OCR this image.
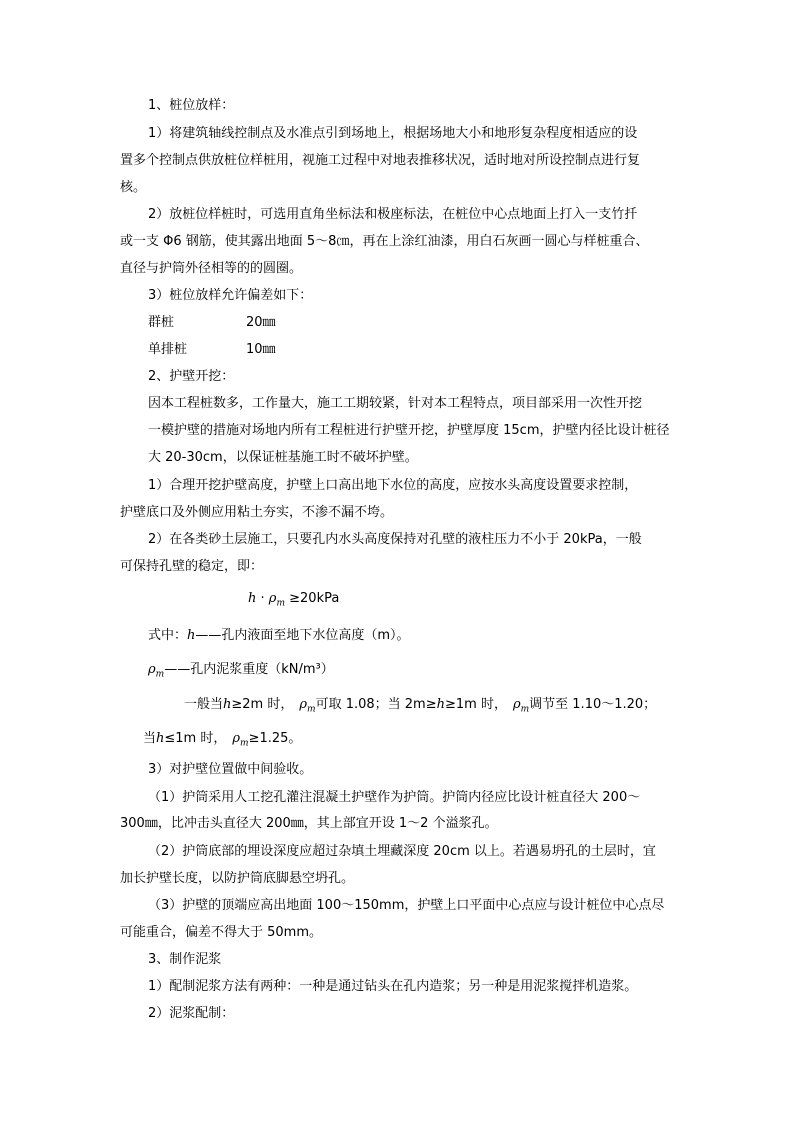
1、桩位放样：
1）将建筑轴线控制点及水准点引到场地上，根据场地大小和地形复杂程度相适应的设
置多个控制点供放桩位样桩用，视施工过程中对地表推移状况，适时地对所设控制点进行复
核。
2）放桩位样桩时，可选用直角坐标法和极座标法，在桩位中心点地面上打入一支竹扦
或一支 Φ6 钢筋，使其露出地面 5～8㎝，再在上涂红油漆，用白石灰画一圆心与样桩重合、
直径与护筒外径相等的的圆圈。
3）桩位放样允许偏差如下：
群桩	20㎜
单排桩	10㎜
2、护壁开挖：
因本工程桩数多，工作量大，施工工期较紧，针对本工程特点，项目部采用一次性开挖
一模护壁的措施对场地内所有工程桩进行护壁开挖，护壁厚度 15cm，护壁内径比设计桩径
大 20-30cm，以保证桩基施工时不破坏护壁。
1）合理开挖护壁高度，护壁上口高出地下水位的高度，应按水头高度设置要求控制，
护壁底口及外侧应用粘土夯实，不渗不漏不垮。
2）在各类砂土层施工，只要孔内水头高度保持对孔壁的液柱压力不小于 20kPa，一般
可保持孔壁的稳定，即：
$h \cdot \rho_m \ge 20kPa$
式中：h——孔内液面至地下水位高度（m）。
$\rho_m——$孔内泥浆重度（kN/m³）
一般当h≥2m 时， $\rho_m$可取 1.08；当 2m≥h≥1m 时， $\rho_m$调节至 1.10～1.20；
当h≤1m 时， $\rho_m\ge 1.25$。
3）对护壁位置做中间验收。
（1）护筒采用人工挖孔灌注混凝土护壁作为护筒。护筒内径应比设计桩直径大 200～
300㎜，比冲击头直径大 200㎜，其上部宜开设 1～2 个溢浆孔。
（2）护筒底部的埋设深度应超过杂填土埋藏深度 20cm 以上。若遇易坍孔的土层时，宜
加长护壁长度，以防护筒底脚悬空坍孔。
（3）护壁的顶端应高出地面 100～150mm，护壁上口平面中心点应与设计桩位中心点尽
可能重合，偏差不得大于 50mm。
3、制作泥浆
1）配制泥浆方法有两种：一种是通过钻头在孔内造浆；另一种是用泥浆搅拌机造浆。
2）泥浆配制：
